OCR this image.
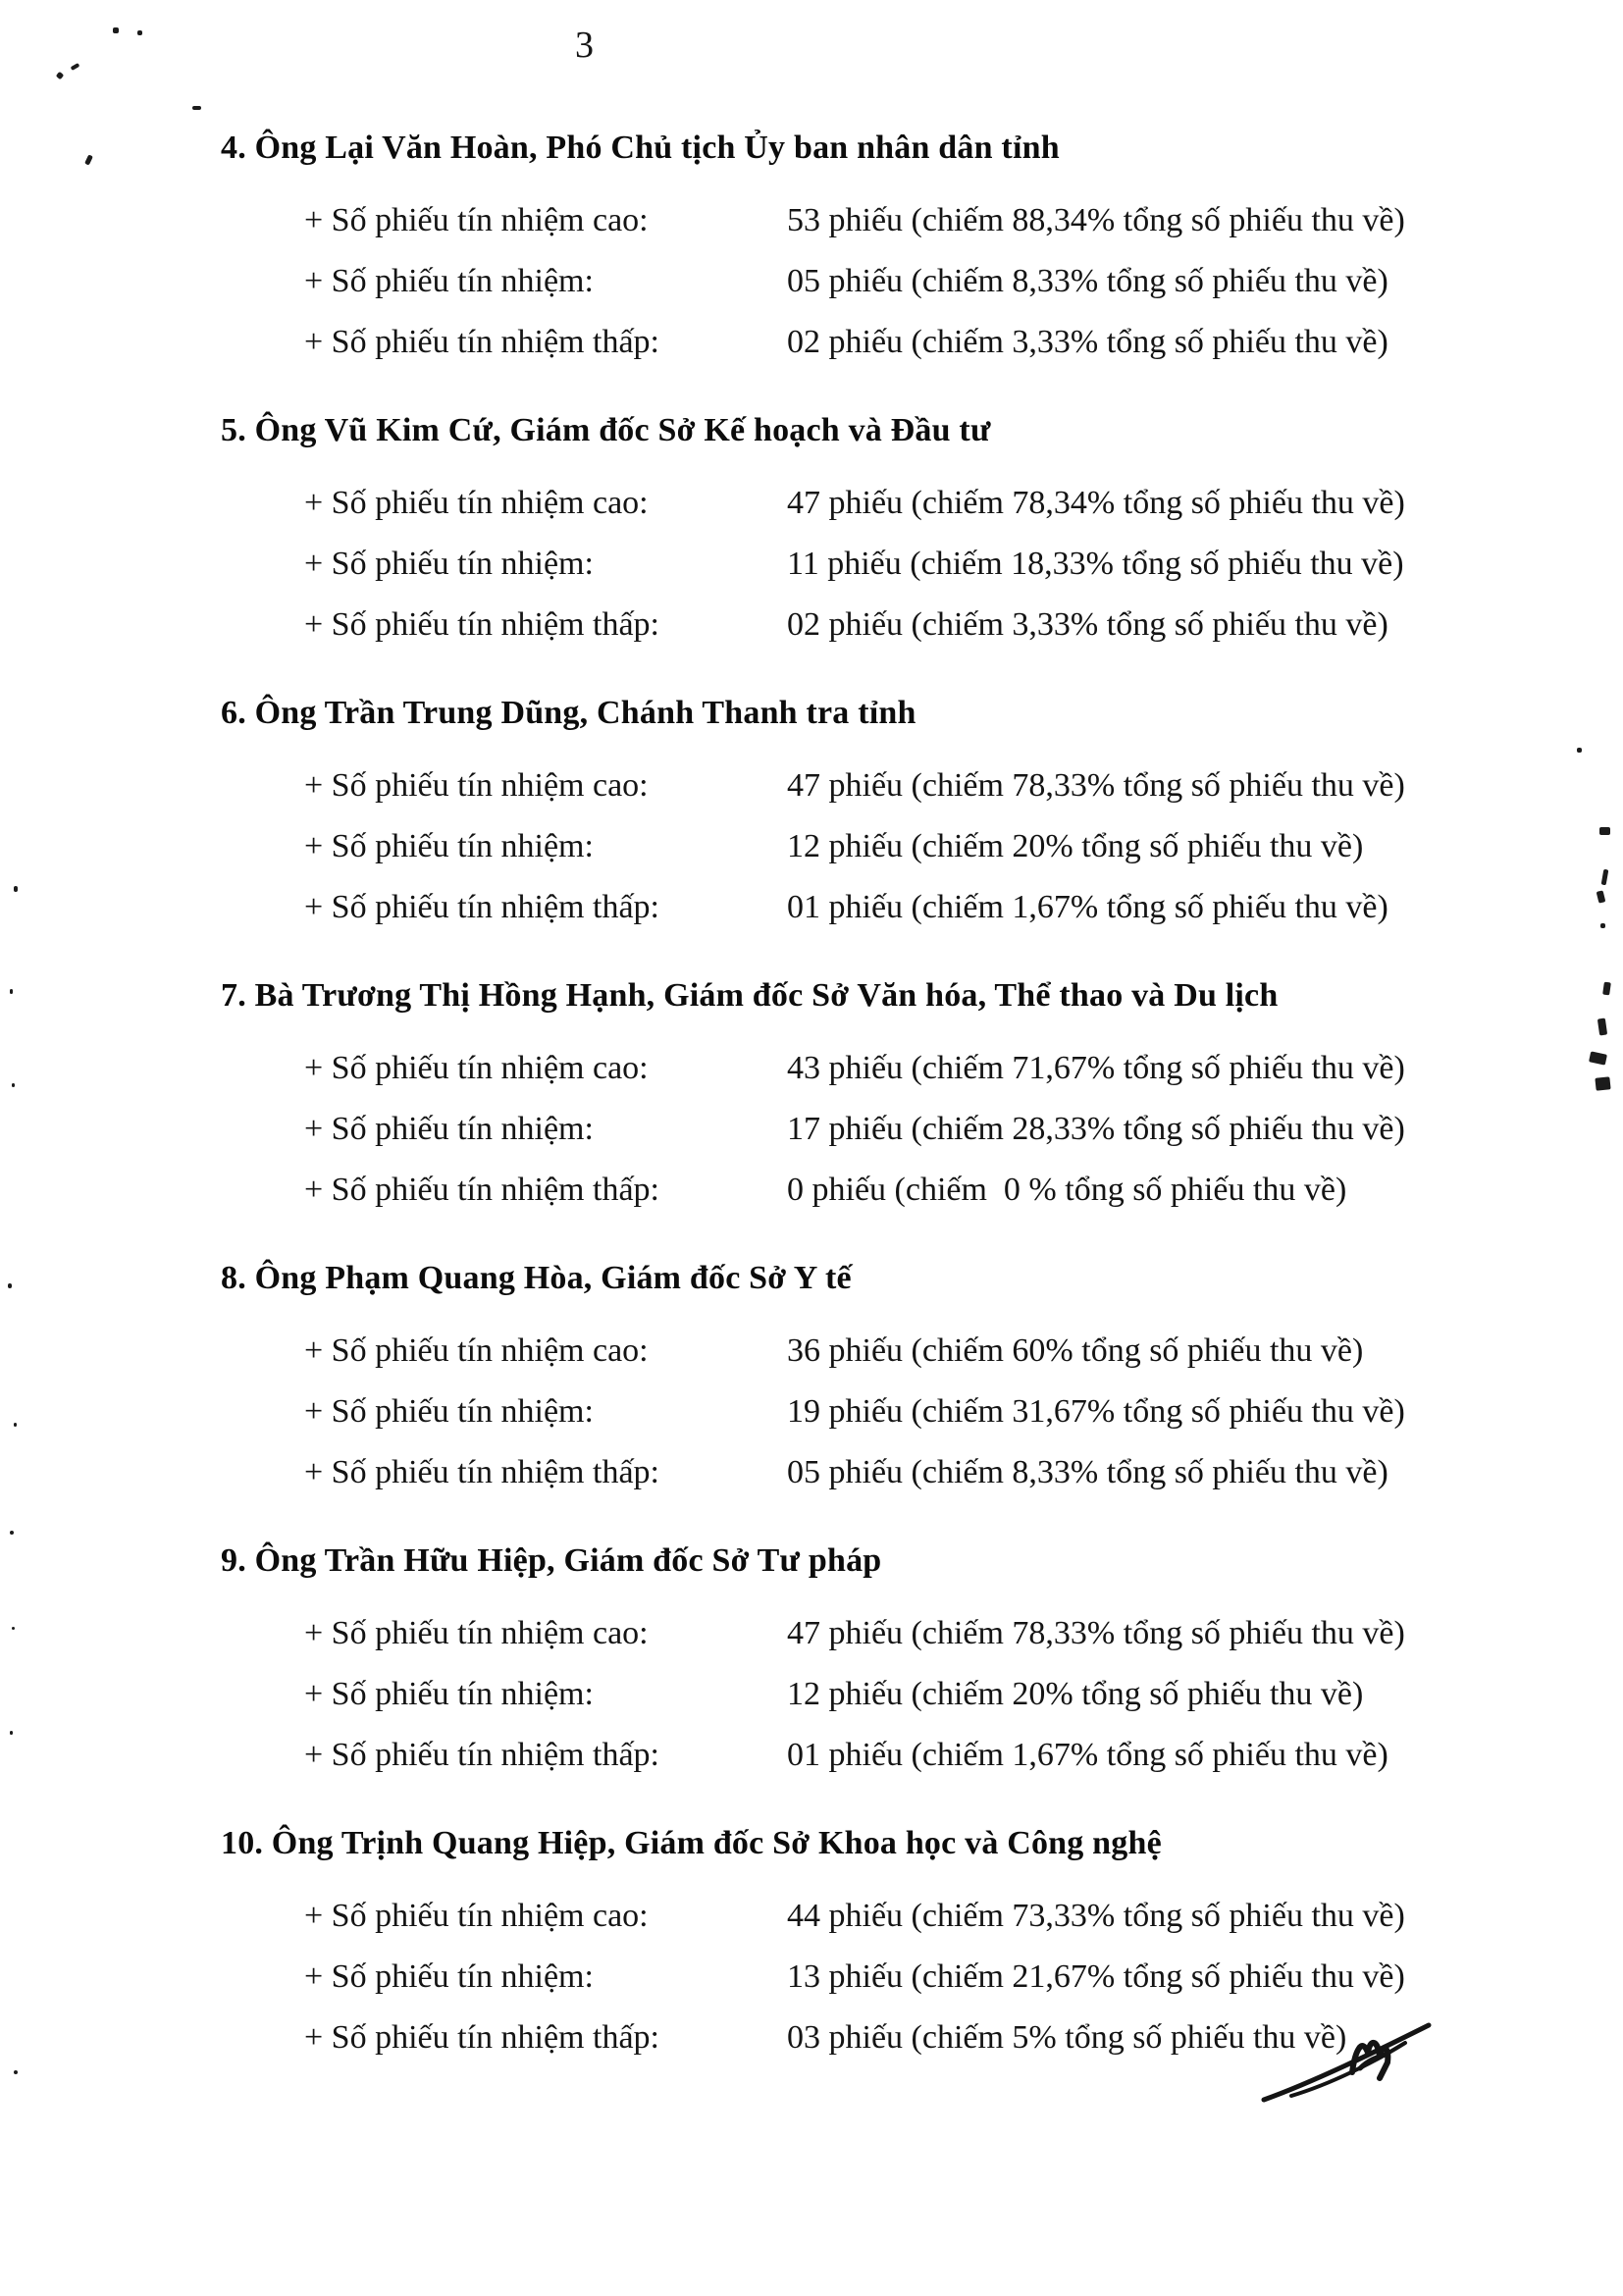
3
4. Ông Lại Văn Hoàn, Phó Chủ tịch Ủy ban nhân dân tỉnh
+ Số phiếu tín nhiệm cao:	53 phiếu (chiếm 88,34% tổng số phiếu thu về)
+ Số phiếu tín nhiệm:	05 phiếu (chiếm 8,33% tổng số phiếu thu về)
+ Số phiếu tín nhiệm thấp:	02 phiếu (chiếm 3,33% tổng số phiếu thu về)
5. Ông Vũ Kim Cứ, Giám đốc Sở Kế hoạch và Đầu tư
+ Số phiếu tín nhiệm cao:	47 phiếu (chiếm 78,34% tổng số phiếu thu về)
+ Số phiếu tín nhiệm:	11 phiếu (chiếm 18,33% tổng số phiếu thu về)
+ Số phiếu tín nhiệm thấp:	02 phiếu (chiếm 3,33% tổng số phiếu thu về)
6. Ông Trần Trung Dũng, Chánh Thanh tra tỉnh
+ Số phiếu tín nhiệm cao:	47 phiếu (chiếm 78,33% tổng số phiếu thu về)
+ Số phiếu tín nhiệm:	12 phiếu (chiếm 20% tổng số phiếu thu về)
+ Số phiếu tín nhiệm thấp:	01 phiếu (chiếm 1,67% tổng số phiếu thu về)
7. Bà Trương Thị Hồng Hạnh, Giám đốc Sở Văn hóa, Thể thao và Du lịch
+ Số phiếu tín nhiệm cao:	43 phiếu (chiếm 71,67% tổng số phiếu thu về)
+ Số phiếu tín nhiệm:	17 phiếu (chiếm 28,33% tổng số phiếu thu về)
+ Số phiếu tín nhiệm thấp:	0 phiếu (chiếm  0 % tổng số phiếu thu về)
8. Ông Phạm Quang Hòa, Giám đốc Sở Y tế
+ Số phiếu tín nhiệm cao:	36 phiếu (chiếm 60% tổng số phiếu thu về)
+ Số phiếu tín nhiệm:	19 phiếu (chiếm 31,67% tổng số phiếu thu về)
+ Số phiếu tín nhiệm thấp:	05 phiếu (chiếm 8,33% tổng số phiếu thu về)
9. Ông Trần Hữu Hiệp, Giám đốc Sở Tư pháp
+ Số phiếu tín nhiệm cao:	47 phiếu (chiếm 78,33% tổng số phiếu thu về)
+ Số phiếu tín nhiệm:	12 phiếu (chiếm 20% tổng số phiếu thu về)
+ Số phiếu tín nhiệm thấp:	01 phiếu (chiếm 1,67% tổng số phiếu thu về)
10. Ông Trịnh Quang Hiệp, Giám đốc Sở Khoa học và Công nghệ
+ Số phiếu tín nhiệm cao:	44 phiếu (chiếm 73,33% tổng số phiếu thu về)
+ Số phiếu tín nhiệm:	13 phiếu (chiếm 21,67% tổng số phiếu thu về)
+ Số phiếu tín nhiệm thấp:	03 phiếu (chiếm 5% tổng số phiếu thu về)
